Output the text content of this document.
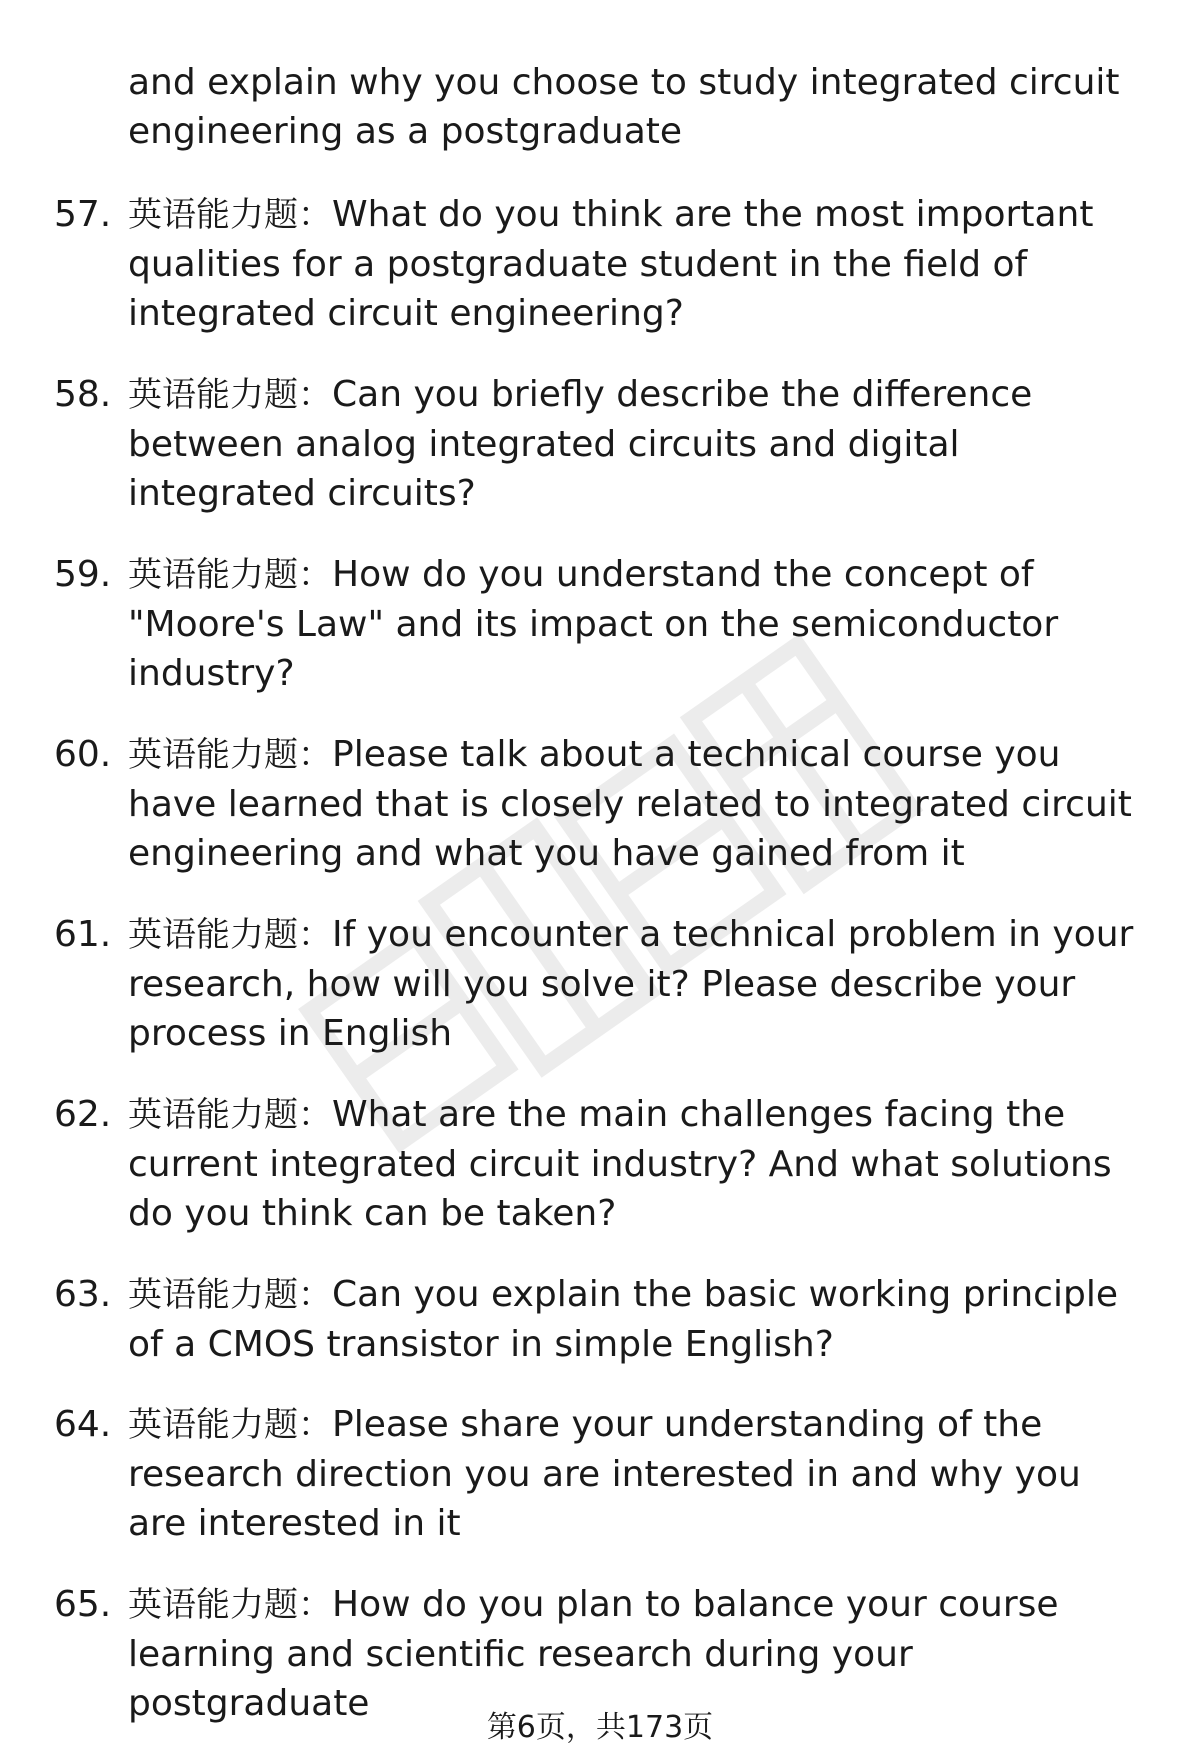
and explain why you choose to study integrated circuit engineering as a postgraduate
57. 英语能力题：What do you think are the most important qualities for a postgraduate student in the field of integrated circuit engineering?
58. 英语能力题：Can you briefly describe the difference between analog integrated circuits and digital integrated circuits?
59. 英语能力题：How do you understand the concept of "Moore's Law" and its impact on the semiconductor industry?
60. 英语能力题：Please talk about a technical course you have learned that is closely related to integrated circuit engineering and what you have gained from it
61. 英语能力题：If you encounter a technical problem in your research, how will you solve it? Please describe your process in English
62. 英语能力题：What are the main challenges facing the current integrated circuit industry? And what solutions do you think can be taken?
63. 英语能力题：Can you explain the basic working principle of a CMOS transistor in simple English?
64. 英语能力题：Please share your understanding of the research direction you are interested in and why you are interested in it
65. 英语能力题：How do you plan to balance your course learning and scientific research during your postgraduate
第6页，共173页
